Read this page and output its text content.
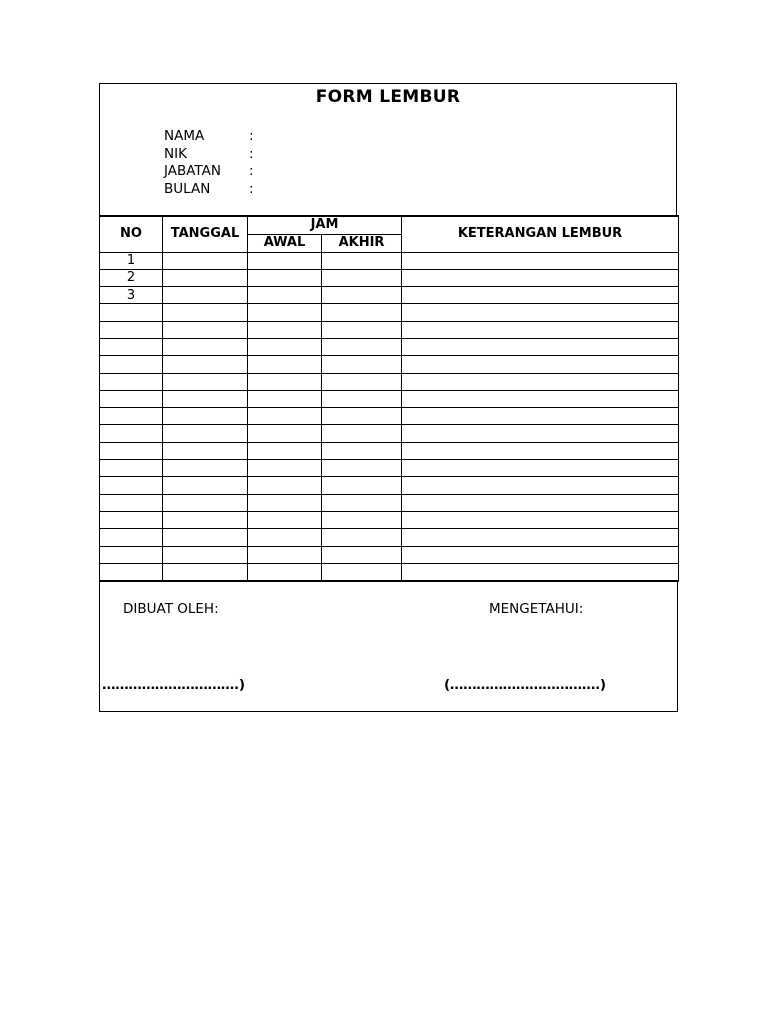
FORM LEMBUR
NAMA	:
NIK	:
JABATAN	:
BULAN	:
NO	TANGGAL	JAM		KETERANGAN LEMBUR
		AWAL	AKHIR	
1				
2				
3				

DIBUAT OLEH:	MENGETAHUI:
………………………….)	(…………………………….)
